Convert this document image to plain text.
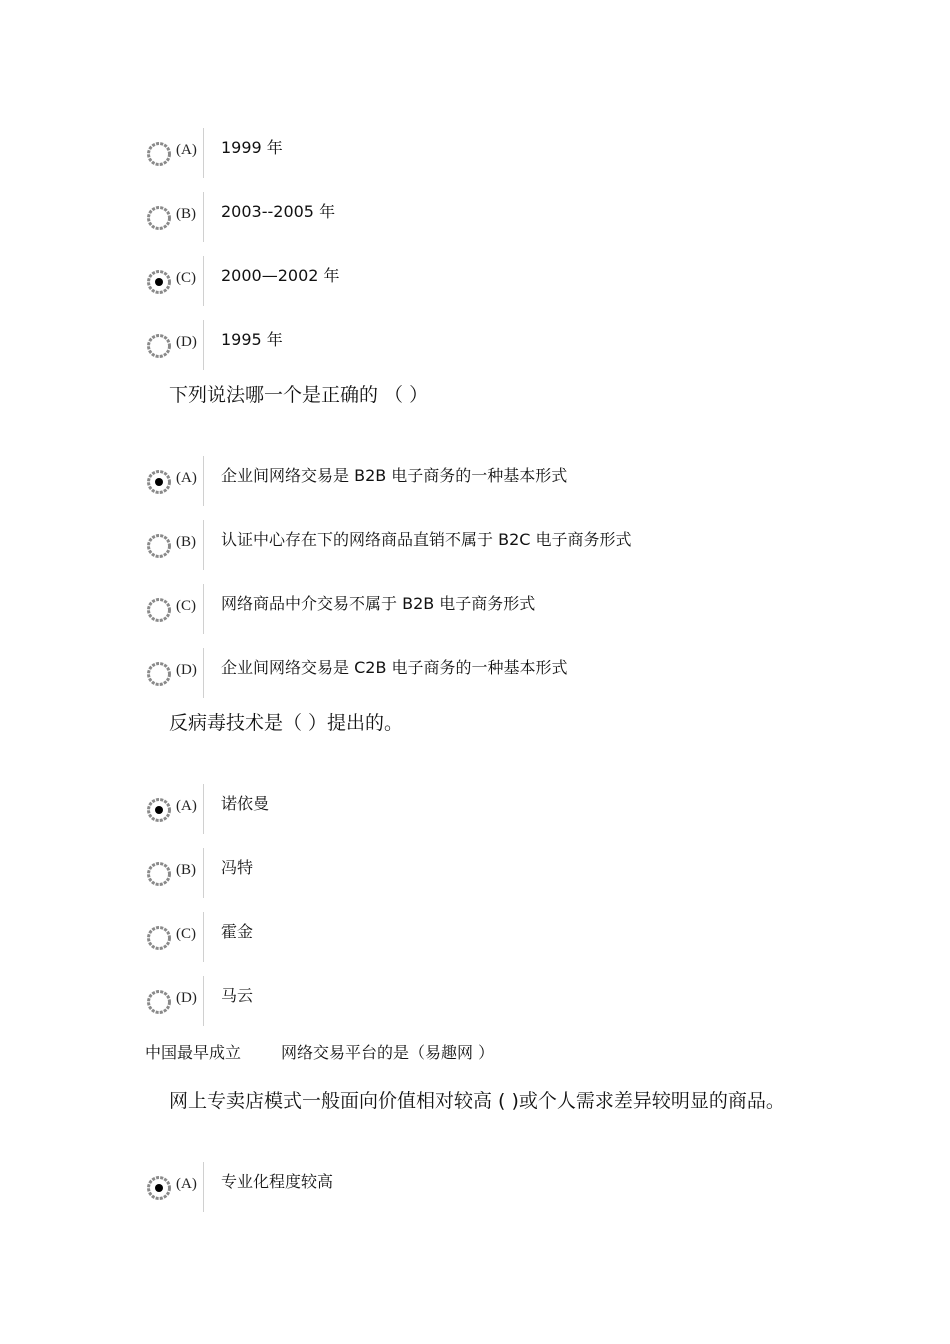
(A) 1999 年
(B) 2003--2005 年
(C) 2000—2002 年
(D) 1995 年
下列说法哪一个是正确的 （ ）
(A) 企业间网络交易是 B2B 电子商务的一种基本形式
(B) 认证中心存在下的网络商品直销不属于 B2C 电子商务形式
(C) 网络商品中介交易不属于 B2B 电子商务形式
(D) 企业间网络交易是 C2B 电子商务的一种基本形式
反病毒技术是（ ）提出的。
(A) 诺依曼
(B) 冯特
(C) 霍金
(D) 马云
中国最早成立	网络交易平台的是（易趣网 ）
网上专卖店模式一般面向价值相对较高 ( )或个人需求差异较明显的商品。
(A) 专业化程度较高
